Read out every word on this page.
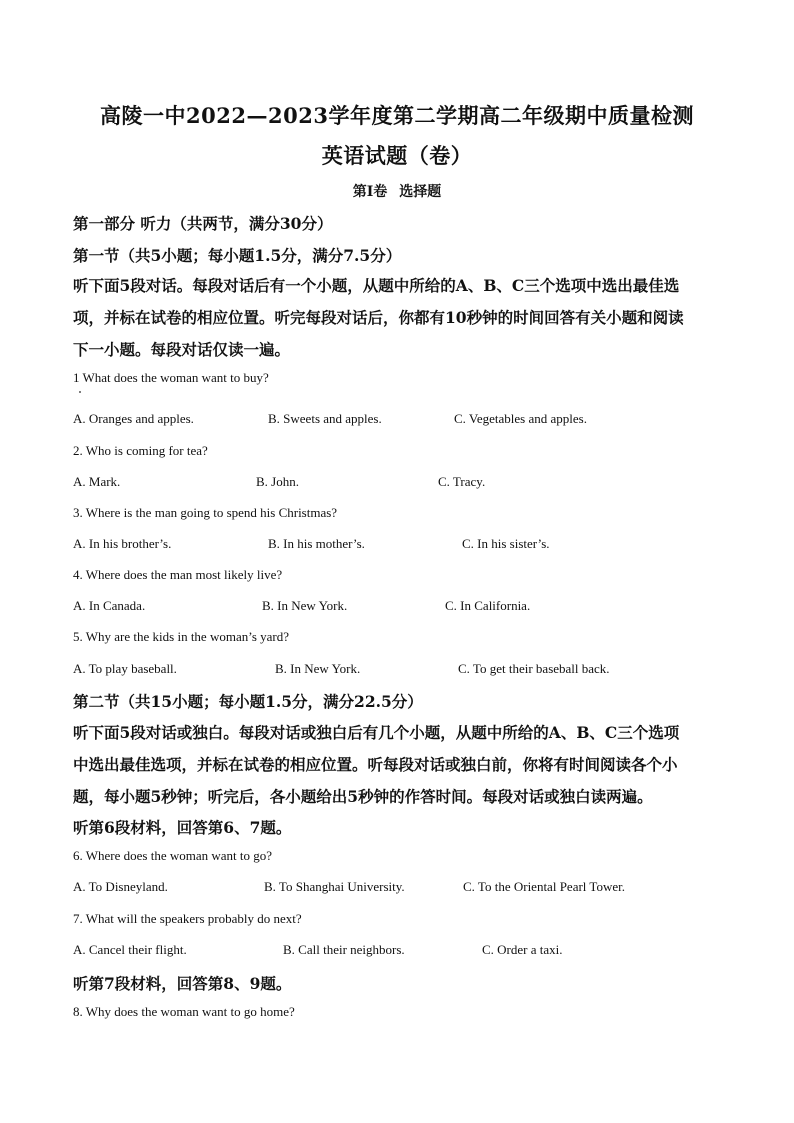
高陵一中2022—2023学年度第二学期高二年级期中质量检测
英语试题（卷）
第I卷 选择题
第一部分 听力（共两节，满分30分）
第一节（共5小题；每小题1.5分，满分7.5分）
听下面5段对话。每段对话后有一个小题，从题中所给的A、B、C三个选项中选出最佳选
项，并标在试卷的相应位置。听完每段对话后，你都有10秒钟的时间回答有关小题和阅读
下一小题。每段对话仅读一遍。
1 What does the woman want to buy?
A. Oranges and apples.	B. Sweets and apples.	C. Vegetables and apples.
2. Who is coming for tea?
A. Mark.	B. John.	C. Tracy.
3. Where is the man going to spend his Christmas?
A. In his brother’s.	B. In his mother’s.	C. In his sister’s.
4. Where does the man most likely live?
A. In Canada.	B. In New York.	C. In California.
5. Why are the kids in the woman’s yard?
A. To play baseball.	B. In New York.	C. To get their baseball back.
第二节（共15小题；每小题1.5分，满分22.5分）
听下面5段对话或独白。每段对话或独白后有几个小题，从题中所给的A、B、C三个选项
中选出最佳选项，并标在试卷的相应位置。听每段对话或独白前，你将有时间阅读各个小
题，每小题5秒钟；听完后，各小题给出5秒钟的作答时间。每段对话或独白读两遍。
听第6段材料，回答第6、7题。
6. Where does the woman want to go?
A. To Disneyland.	B. To Shanghai University.	C. To the Oriental Pearl Tower.
7. What will the speakers probably do next?
A. Cancel their flight.	B. Call their neighbors.	C. Order a taxi.
听第7段材料，回答第8、9题。
8. Why does the woman want to go home?
